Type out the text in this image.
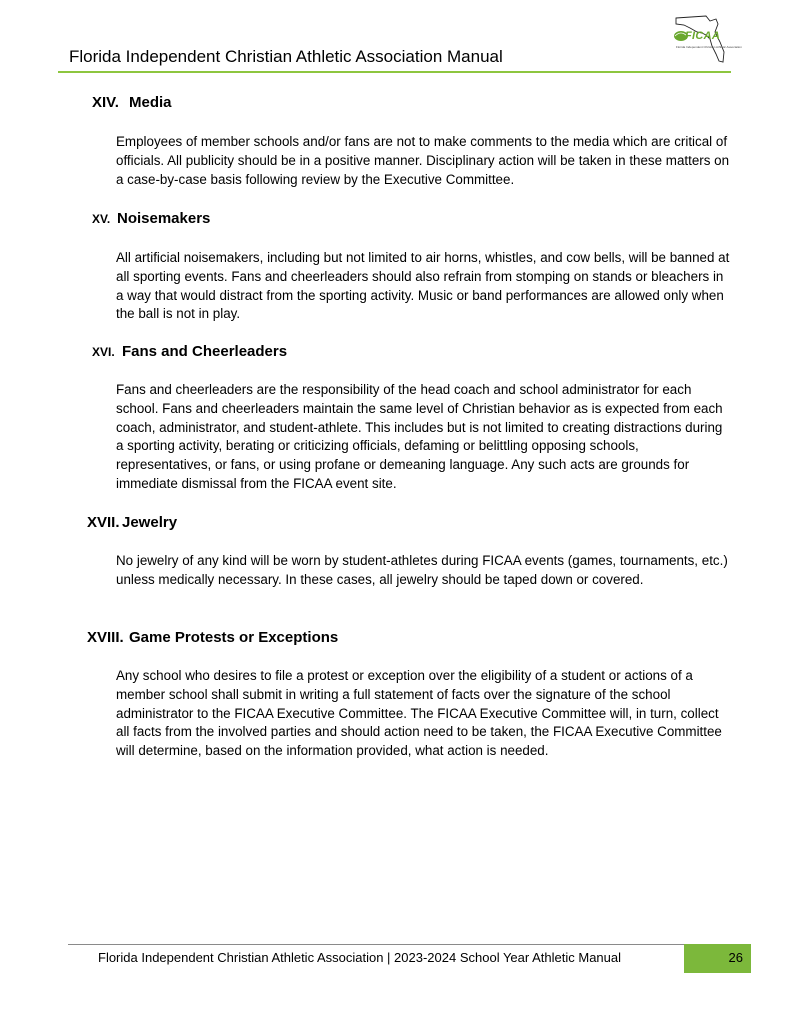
Florida Independent Christian Athletic Association Manual
FICAA
Florida Independent Christian Athletic Association
XIV. Media

Employees of member schools and/or fans are not to make comments to the media which are critical of officials. All publicity should be in a positive manner. Disciplinary action will be taken in these matters on a case-by-case basis following review by the Executive Committee.

XV. Noisemakers

All artificial noisemakers, including but not limited to air horns, whistles, and cow bells, will be banned at all sporting events. Fans and cheerleaders should also refrain from stomping on stands or bleachers in a way that would distract from the sporting activity. Music or band performances are allowed only when the ball is not in play.

XVI. Fans and Cheerleaders

Fans and cheerleaders are the responsibility of the head coach and school administrator for each school. Fans and cheerleaders maintain the same level of Christian behavior as is expected from each coach, administrator, and student-athlete. This includes but is not limited to creating distractions during a sporting activity, berating or criticizing officials, defaming or belittling opposing schools, representatives, or fans, or using profane or demeaning language. Any such acts are grounds for immediate dismissal from the FICAA event site.

XVII. Jewelry

No jewelry of any kind will be worn by student-athletes during FICAA events (games, tournaments, etc.) unless medically necessary. In these cases, all jewelry should be taped down or covered.

XVIII. Game Protests or Exceptions

Any school who desires to file a protest or exception over the eligibility of a student or actions of a member school shall submit in writing a full statement of facts over the signature of the school administrator to the FICAA Executive Committee. The FICAA Executive Committee will, in turn, collect all facts from the involved parties and should action need to be taken, the FICAA Executive Committee will determine, based on the information provided, what action is needed.

Florida Independent Christian Athletic Association | 2023-2024 School Year Athletic Manual	26
